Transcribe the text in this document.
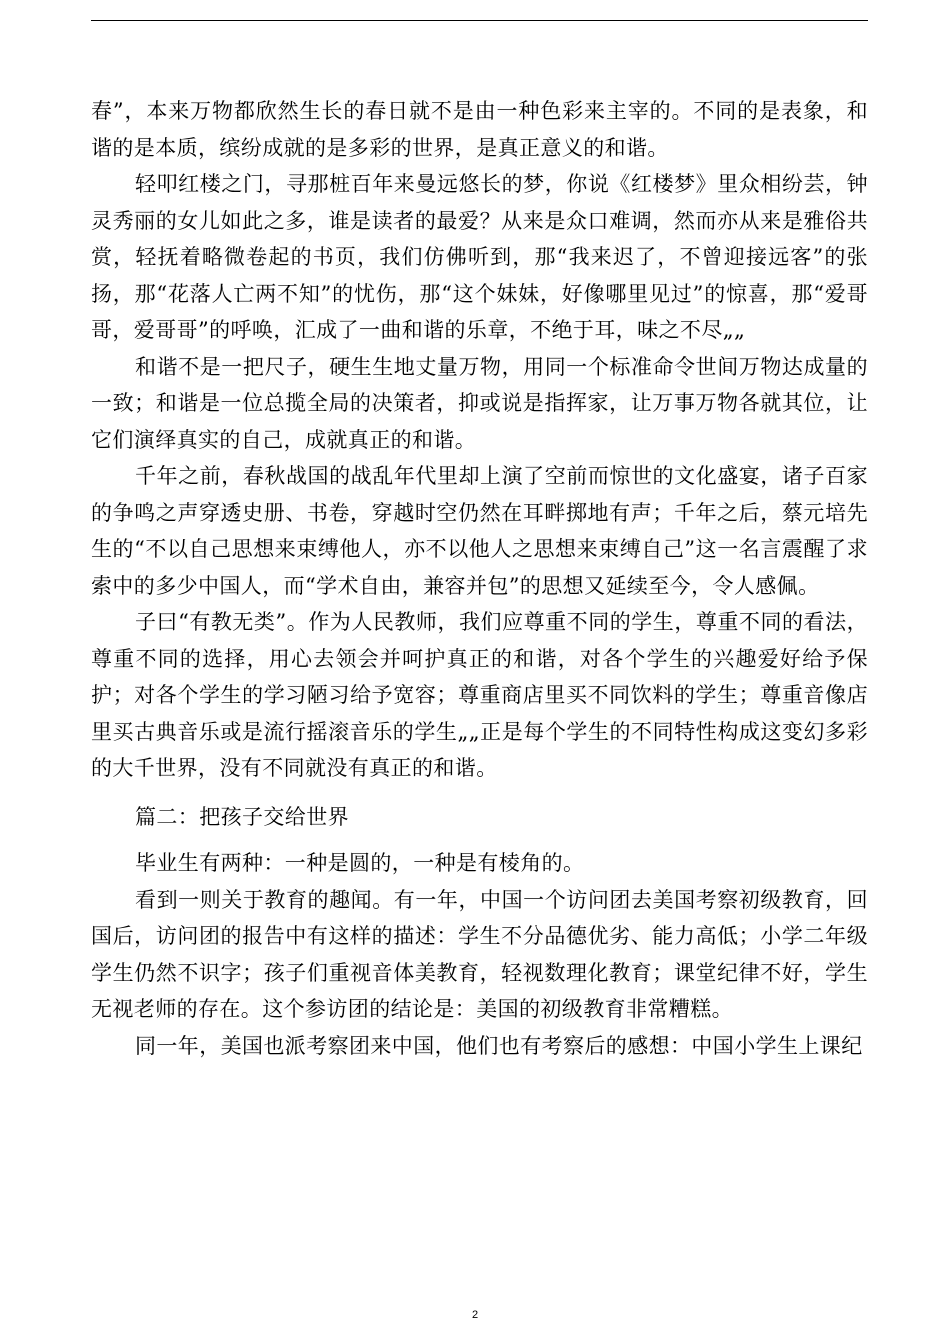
春”，本来万物都欣然生长的春日就不是由一种色彩来主宰的。不同的是表象，和谐的是本质，缤纷成就的是多彩的世界，是真正意义的和谐。

轻叩红楼之门，寻那桩百年来曼远悠长的梦，你说《红楼梦》里众相纷芸，钟灵秀丽的女儿如此之多，谁是读者的最爱？从来是众口难调，然而亦从来是雅俗共赏，轻抚着略微卷起的书页，我们仿佛听到，那“我来迟了，不曾迎接远客”的张扬，那“花落人亡两不知”的忧伤，那“这个妹妹，好像哪里见过”的惊喜，那“爱哥哥，爱哥哥”的呼唤，汇成了一曲和谐的乐章，不绝于耳，味之不尽„„

和谐不是一把尺子，硬生生地丈量万物，用同一个标准命令世间万物达成量的一致；和谐是一位总揽全局的决策者，抑或说是指挥家，让万事万物各就其位，让它们演绎真实的自己，成就真正的和谐。

千年之前，春秋战国的战乱年代里却上演了空前而惊世的文化盛宴，诸子百家的争鸣之声穿透史册、书卷，穿越时空仍然在耳畔掷地有声；千年之后，蔡元培先生的“不以自己思想来束缚他人，亦不以他人之思想来束缚自己”这一名言震醒了求索中的多少中国人，而“学术自由，兼容并包”的思想又延续至今，令人感佩。

子曰“有教无类”。作为人民教师，我们应尊重不同的学生，尊重不同的看法，尊重不同的选择，用心去领会并呵护真正的和谐，对各个学生的兴趣爱好给予保护；对各个学生的学习陋习给予宽容；尊重商店里买不同饮料的学生；尊重音像店里买古典音乐或是流行摇滚音乐的学生„„正是每个学生的不同特性构成这变幻多彩的大千世界，没有不同就没有真正的和谐。

篇二：把孩子交给世界

毕业生有两种：一种是圆的，一种是有棱角的。

看到一则关于教育的趣闻。有一年，中国一个访问团去美国考察初级教育，回国后，访问团的报告中有这样的描述：学生不分品德优劣、能力高低；小学二年级学生仍然不识字；孩子们重视音体美教育，轻视数理化教育；课堂纪律不好，学生无视老师的存在。这个参访团的结论是：美国的初级教育非常糟糕。

同一年，美国也派考察团来中国，他们也有考察后的感想：中国小学生上课纪

2
